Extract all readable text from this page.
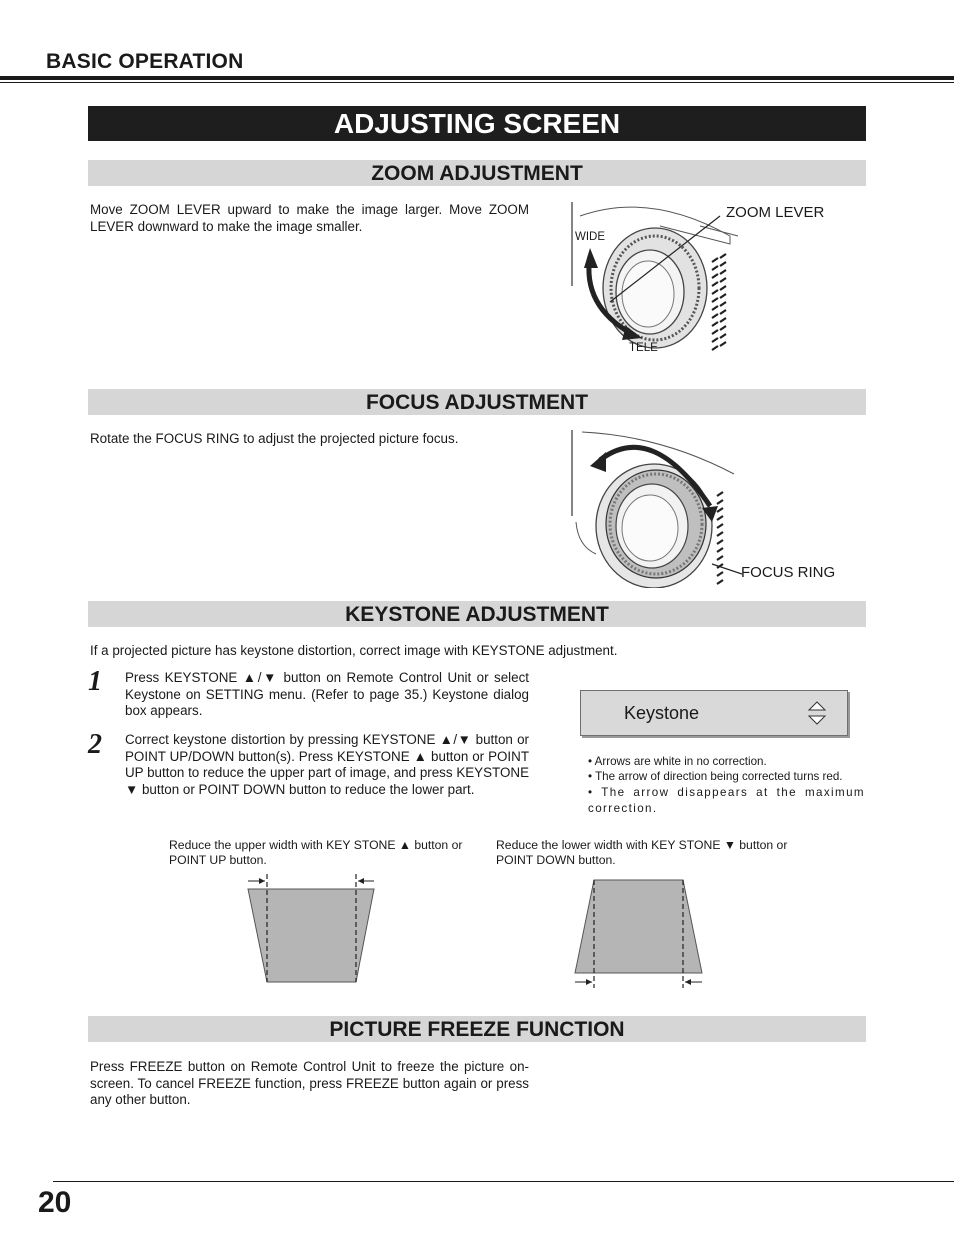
BASIC OPERATION
ADJUSTING SCREEN
ZOOM ADJUSTMENT
Move ZOOM LEVER upward to make the image larger. Move ZOOM LEVER downward to make the image smaller.
ZOOM LEVER
WIDE
TELE
FOCUS ADJUSTMENT
Rotate the FOCUS RING to adjust the projected picture focus.
FOCUS RING
KEYSTONE ADJUSTMENT
If a projected picture has keystone distortion, correct image with KEYSTONE adjustment.
1 Press KEYSTONE ▲/▼ button on Remote Control Unit or select Keystone on SETTING menu. (Refer to page 35.) Keystone dialog box appears.
2 Correct keystone distortion by pressing KEYSTONE ▲/▼ button or POINT UP/DOWN button(s). Press KEYSTONE ▲ button or POINT UP button to reduce the upper part of image, and press KEYSTONE ▼ button or POINT DOWN button to reduce the lower part.
Keystone
• Arrows are white in no correction.
• The arrow of direction being corrected turns red.
• The arrow disappears at the maximum correction.
Reduce the upper width with KEY STONE ▲ button or POINT UP button.
Reduce the lower width with KEY STONE ▼ button or POINT DOWN button.
PICTURE FREEZE FUNCTION
Press FREEZE button on Remote Control Unit to freeze the picture on-screen. To cancel FREEZE function, press FREEZE button again or press any other button.
20
